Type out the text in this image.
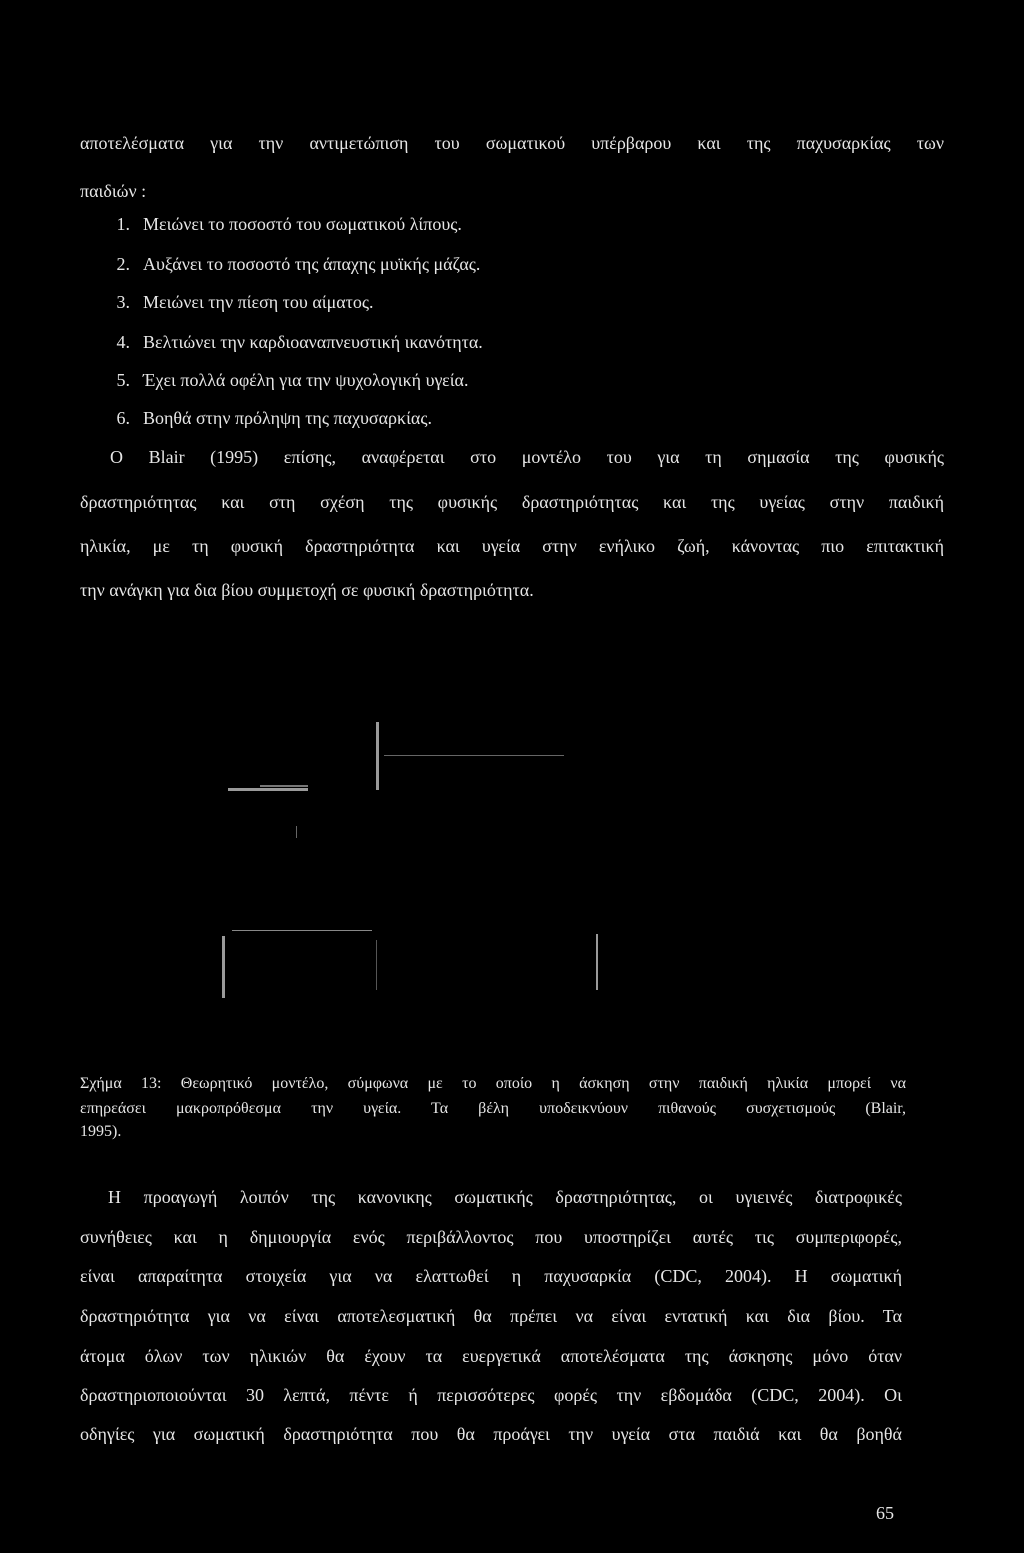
αποτελέσματα για την αντιμετώπιση του σωματικού υπέρβαρου και της παχυσαρκίας των
παιδιών :
1. Μειώνει το ποσοστό του σωματικού λίπους.
2. Αυξάνει το ποσοστό της άπαχης μυϊκής μάζας.
3. Μειώνει την πίεση του αίματος.
4. Βελτιώνει την καρδιοαναπνευστική ικανότητα.
5. Έχει πολλά οφέλη για την ψυχολογική υγεία.
6. Βοηθά στην πρόληψη της παχυσαρκίας.
Ο Blair (1995) επίσης, αναφέρεται στο μοντέλο του για τη σημασία της φυσικής
δραστηριότητας και στη σχέση της φυσικής δραστηριότητας και της υγείας στην παιδική
ηλικία, με τη φυσική δραστηριότητα και υγεία στην ενήλικο ζωή, κάνοντας πιο επιτακτική
την ανάγκη για δια βίου συμμετοχή σε φυσική δραστηριότητα.
Σχήμα 13: Θεωρητικό μοντέλο, σύμφωνα με το οποίο η άσκηση στην παιδική ηλικία μπορεί να
επηρεάσει μακροπρόθεσμα την υγεία. Τα βέλη υποδεικνύουν πιθανούς συσχετισμούς (Blair,
1995).
Η προαγωγή λοιπόν της κανονικης σωματικής δραστηριότητας, οι υγιεινές διατροφικές
συνήθειες και η δημιουργία ενός περιβάλλοντος που υποστηρίζει αυτές τις συμπεριφορές,
είναι απαραίτητα στοιχεία για να ελαττωθεί η παχυσαρκία (CDC, 2004). Η σωματική
δραστηριότητα για να είναι αποτελεσματική θα πρέπει να είναι εντατική και δια βίου. Τα
άτομα όλων των ηλικιών θα έχουν τα ευεργετικά αποτελέσματα της άσκησης μόνο όταν
δραστηριοποιούνται 30 λεπτά, πέντε ή περισσότερες φορές την εβδομάδα (CDC, 2004). Οι
οδηγίες για σωματική δραστηριότητα που θα προάγει την υγεία στα παιδιά και θα βοηθά
65
